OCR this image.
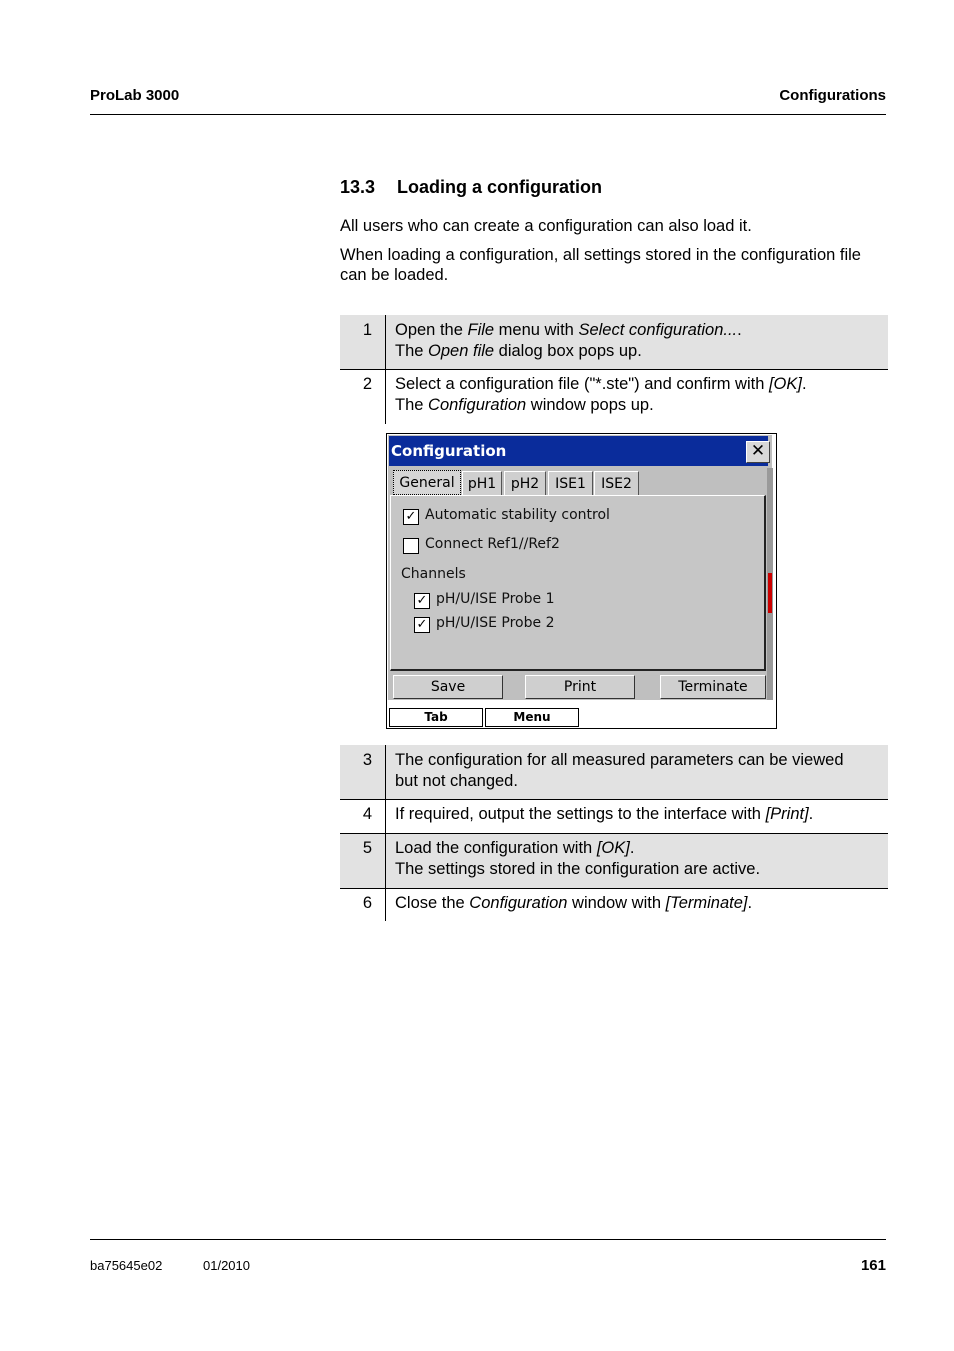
ProLab 3000	Configurations
13.3 Loading a configuration
All users who can create a configuration can also load it.
When loading a configuration, all settings stored in the configuration file can be loaded.
1 Open the File menu with Select configuration....
The Open file dialog box pops up.
2 Select a configuration file ("*.ste") and confirm with [OK].
The Configuration window pops up.
Configuration	✕
General pH1	pH2	ISE1	ISE2
✓ Automatic stability control
Connect Ref1//Ref2
Channels
✓ pH/U/ISE Probe 1
✓ pH/U/ISE Probe 2
Save	Print	Terminate
Tab	Menu
3 The configuration for all measured parameters can be viewed
but not changed.
4 If required, output the settings to the interface with [Print].
5 Load the configuration with [OK].
The settings stored in the configuration are active.
6 Close the Configuration window with [Terminate].
ba75645e02	01/2010	161
